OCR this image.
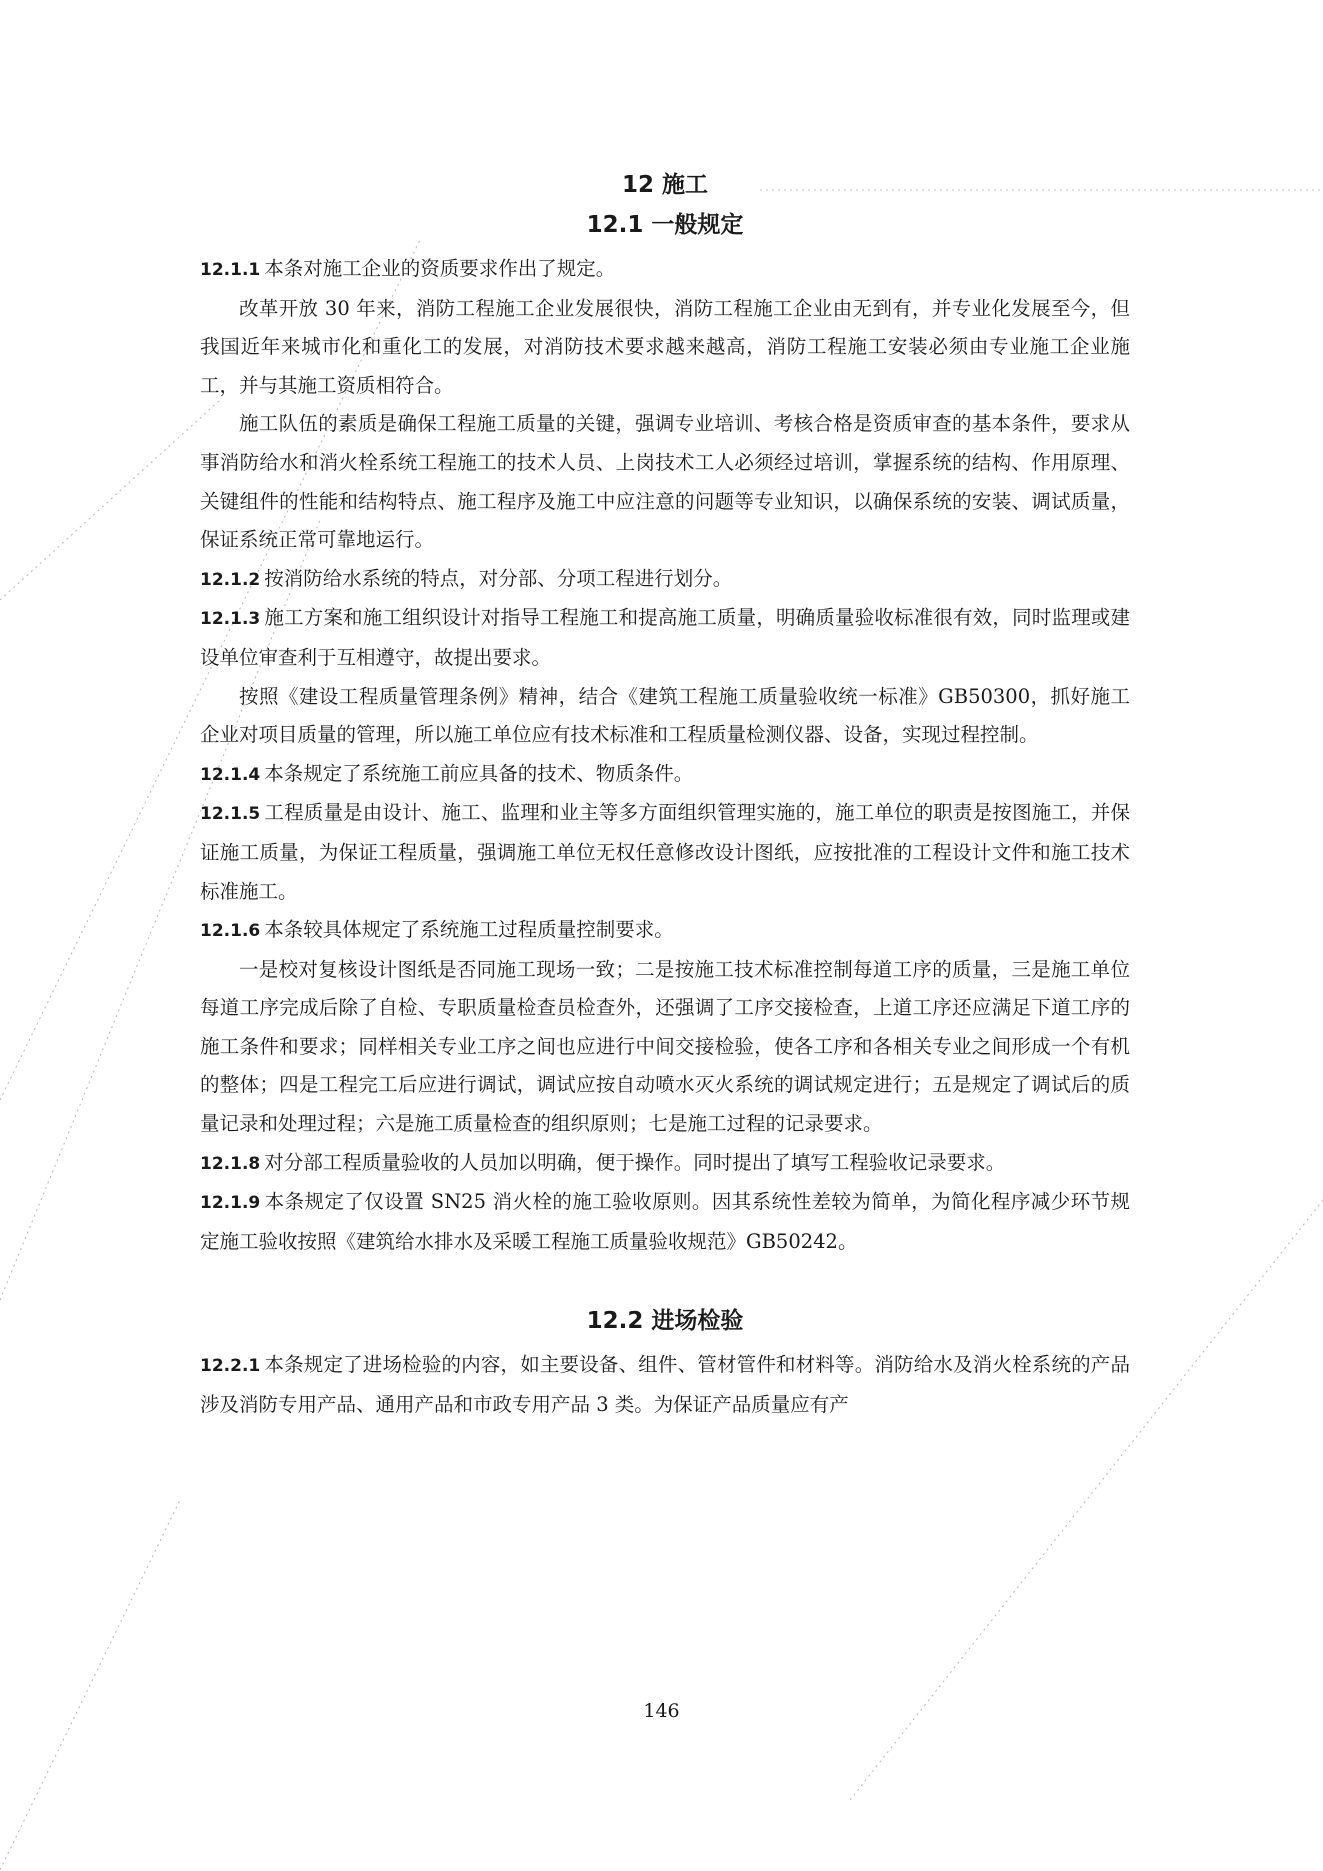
12 施工
12.1 一般规定

12.1.1 本条对施工企业的资质要求作出了规定。

改革开放 30 年来，消防工程施工企业发展很快，消防工程施工企业由无到有，并专业化发展至今，但我国近年来城市化和重化工的发展，对消防技术要求越来越高，消防工程施工安装必须由专业施工企业施工，并与其施工资质相符合。

施工队伍的素质是确保工程施工质量的关键，强调专业培训、考核合格是资质审查的基本条件，要求从事消防给水和消火栓系统工程施工的技术人员、上岗技术工人必须经过培训，掌握系统的结构、作用原理、关键组件的性能和结构特点、施工程序及施工中应注意的问题等专业知识，以确保系统的安装、调试质量，保证系统正常可靠地运行。

12.1.2 按消防给水系统的特点，对分部、分项工程进行划分。

12.1.3 施工方案和施工组织设计对指导工程施工和提高施工质量，明确质量验收标准很有效，同时监理或建设单位审查利于互相遵守，故提出要求。

按照《建设工程质量管理条例》精神，结合《建筑工程施工质量验收统一标准》GB50300，抓好施工企业对项目质量的管理，所以施工单位应有技术标准和工程质量检测仪器、设备，实现过程控制。

12.1.4 本条规定了系统施工前应具备的技术、物质条件。

12.1.5 工程质量是由设计、施工、监理和业主等多方面组织管理实施的，施工单位的职责是按图施工，并保证施工质量，为保证工程质量，强调施工单位无权任意修改设计图纸，应按批准的工程设计文件和施工技术标准施工。

12.1.6 本条较具体规定了系统施工过程质量控制要求。

一是校对复核设计图纸是否同施工现场一致；二是按施工技术标准控制每道工序的质量，三是施工单位每道工序完成后除了自检、专职质量检查员检查外，还强调了工序交接检查，上道工序还应满足下道工序的施工条件和要求；同样相关专业工序之间也应进行中间交接检验，使各工序和各相关专业之间形成一个有机的整体；四是工程完工后应进行调试，调试应按自动喷水灭火系统的调试规定进行；五是规定了调试后的质量记录和处理过程；六是施工质量检查的组织原则；七是施工过程的记录要求。

12.1.8 对分部工程质量验收的人员加以明确，便于操作。同时提出了填写工程验收记录要求。

12.1.9 本条规定了仅设置 SN25 消火栓的施工验收原则。因其系统性差较为简单，为简化程序减少环节规定施工验收按照《建筑给水排水及采暖工程施工质量验收规范》GB50242。

12.2 进场检验

12.2.1 本条规定了进场检验的内容，如主要设备、组件、管材管件和材料等。消防给水及消火栓系统的产品涉及消防专用产品、通用产品和市政专用产品 3 类。为保证产品质量应有产

146
